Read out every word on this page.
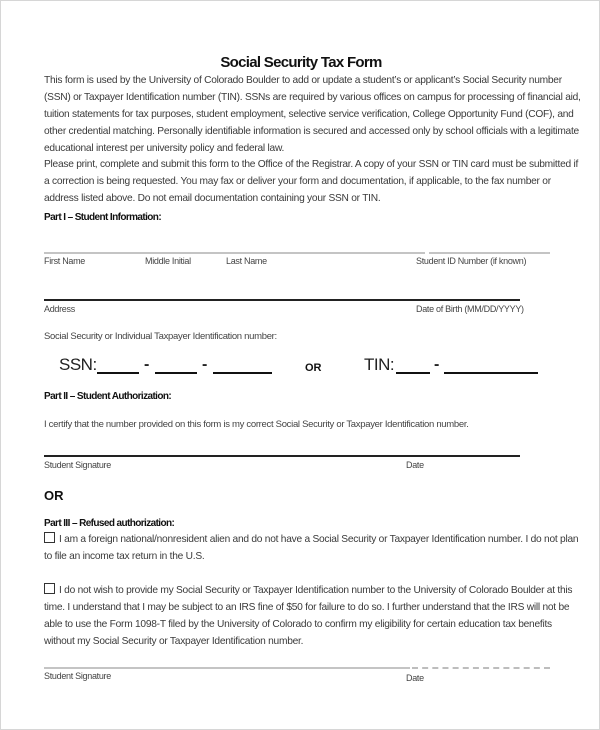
Social Security Tax Form
This form is used by the University of Colorado Boulder to add or update a student’s or applicant’s Social Security number
(SSN) or Taxpayer Identification number (TIN). SSNs are required by various offices on campus for processing of financial aid,
tuition statements for tax purposes, student employment, selective service verification, College Opportunity Fund (COF), and
other credential matching. Personally identifiable information is secured and accessed only by school officials with a legitimate
educational interest per university policy and federal law.
Please print, complete and submit this form to the Office of the Registrar. A copy of your SSN or TIN card must be submitted if
a correction is being requested. You may fax or deliver your form and documentation, if applicable, to the fax number or
address listed above. Do not email documentation containing your SSN or TIN.
Part I – Student Information:
First Name	Middle Initial	Last Name	Student ID Number (if known)
Address	Date of Birth (MM/DD/YYYY)
Social Security or Individual Taxpayer Identification number:
SSN:	-	-	OR	TIN: -
Part II – Student Authorization:
I certify that the number provided on this form is my correct Social Security or Taxpayer Identification number.
Student Signature	Date
OR
Part III – Refused authorization:
I am a foreign national/nonresident alien and do not have a Social Security or Taxpayer Identification number. I do not plan
to file an income tax return in the U.S.
I do not wish to provide my Social Security or Taxpayer Identification number to the University of Colorado Boulder at this
time. I understand that I may be subject to an IRS fine of $50 for failure to do so. I further understand that the IRS will not be
able to use the Form 1098-T filed by the University of Colorado to confirm my eligibility for certain education tax benefits
without my Social Security or Taxpayer Identification number.
Student Signature	Date
